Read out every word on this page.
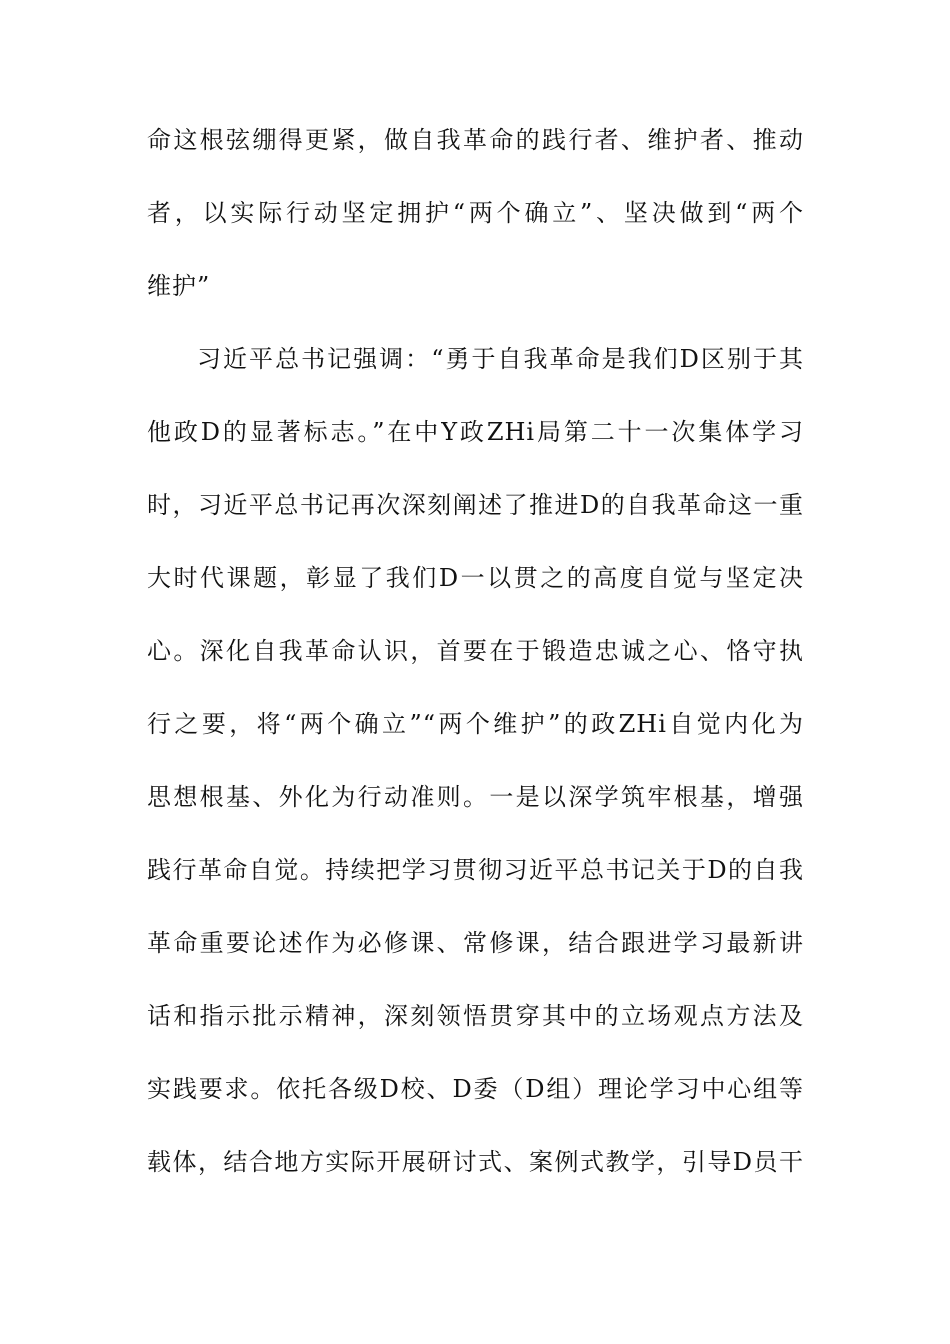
命这根弦绷得更紧，做自我革命的践行者、维护者、推动
者，以实际行动坚定拥护“两个确立”、坚决做到“两个
维护”
习近平总书记强调：“勇于自我革命是我们D区别于其
他政D的显著标志。”在中Y政ZHi局第二十一次集体学习
时，习近平总书记再次深刻阐述了推进D的自我革命这一重
大时代课题，彰显了我们D一以贯之的高度自觉与坚定决
心。深化自我革命认识，首要在于锻造忠诚之心、恪守执
行之要，将“两个确立”“两个维护”的政ZHi自觉内化为
思想根基、外化为行动准则。一是以深学筑牢根基，增强
践行革命自觉。持续把学习贯彻习近平总书记关于D的自我
革命重要论述作为必修课、常修课，结合跟进学习最新讲
话和指示批示精神，深刻领悟贯穿其中的立场观点方法及
实践要求。依托各级D校、D委（D组）理论学习中心组等
载体，结合地方实际开展研讨式、案例式教学，引导D员干
